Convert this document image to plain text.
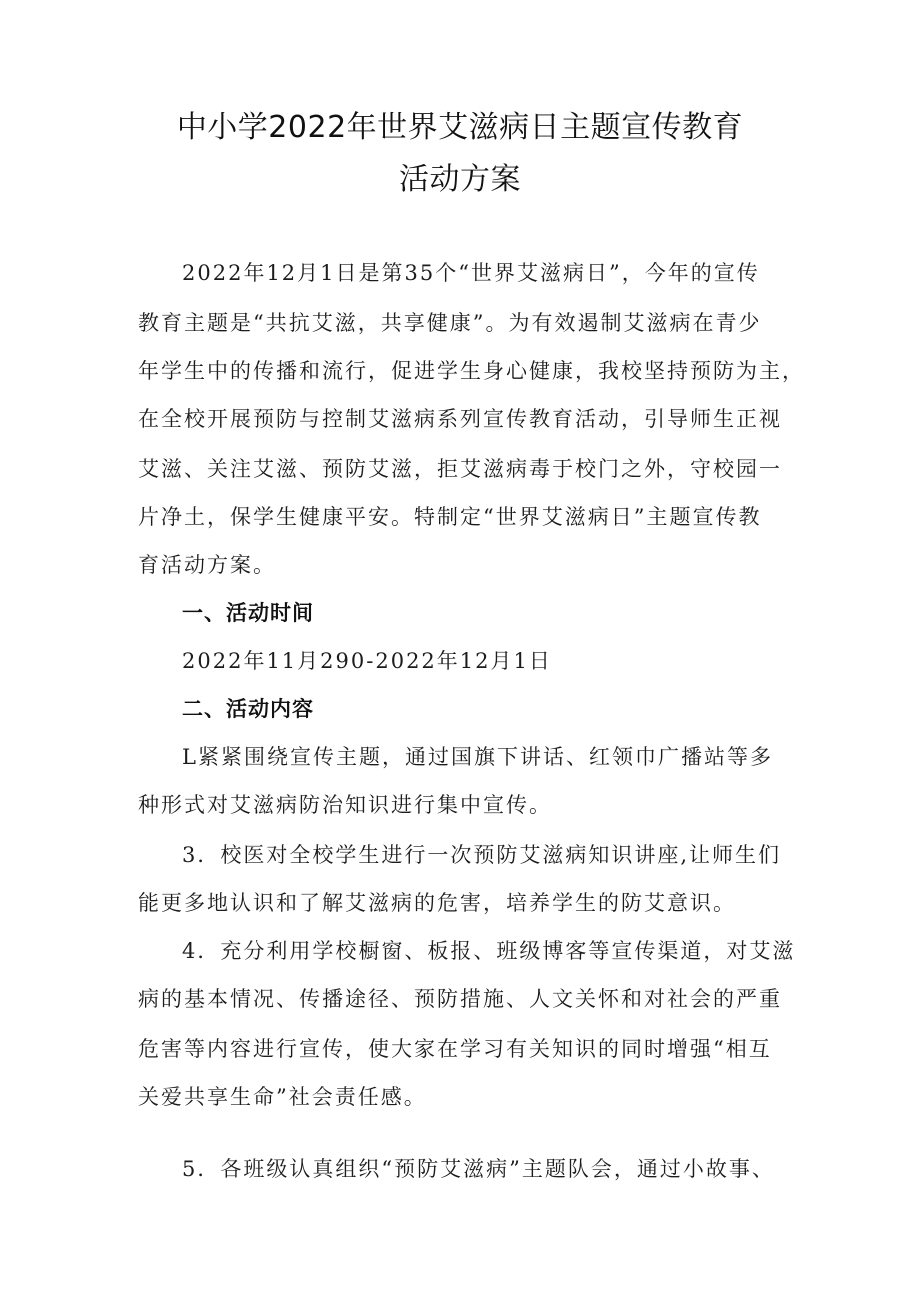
中小学2022年世界艾滋病日主题宣传教育
活动方案
2022年12月1日是第35个“世界艾滋病日”，今年的宣传
教育主题是“共抗艾滋，共享健康”。为有效遏制艾滋病在青少
年学生中的传播和流行，促进学生身心健康，我校坚持预防为主，
在全校开展预防与控制艾滋病系列宣传教育活动，引导师生正视
艾滋、关注艾滋、预防艾滋，拒艾滋病毒于校门之外，守校园一
片净土，保学生健康平安。特制定“世界艾滋病日”主题宣传教
育活动方案。
一、活动时间
2022年11月290-2022年12月1日
二、活动内容
L紧紧围绕宣传主题，通过国旗下讲话、红领巾广播站等多
种形式对艾滋病防治知识进行集中宣传。
3．校医对全校学生进行一次预防艾滋病知识讲座,让师生们
能更多地认识和了解艾滋病的危害，培养学生的防艾意识。
4．充分利用学校橱窗、板报、班级博客等宣传渠道，对艾滋
病的基本情况、传播途径、预防措施、人文关怀和对社会的严重
危害等内容进行宣传，使大家在学习有关知识的同时增强“相互
关爱共享生命”社会责任感。
5．各班级认真组织“预防艾滋病”主题队会，通过小故事、
